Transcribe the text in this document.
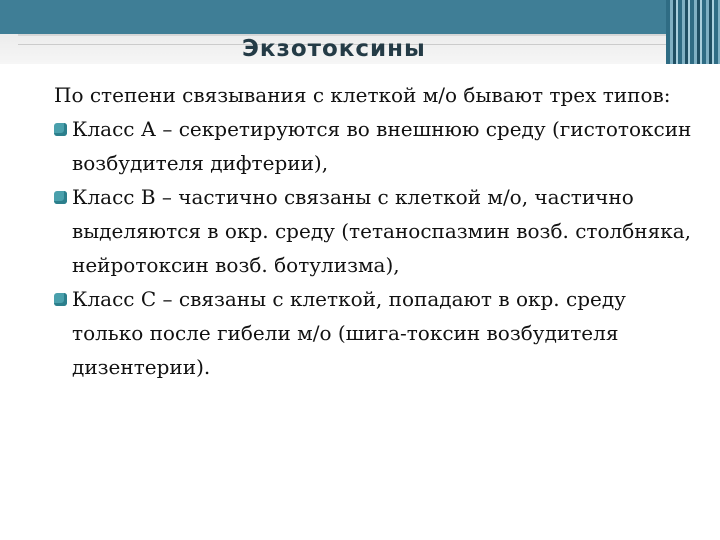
Экзотоксины
По степени связывания с клеткой м/о бывают трех типов:
Класс А – секретируются во внешнюю среду (гистотоксин возбудителя дифтерии),
Класс В – частично связаны с клеткой м/о, частично выделяются в окр. среду (тетаноспазмин возб. столбняка, нейротоксин возб. ботулизма),
Класс С – связаны с клеткой, попадают в окр. среду только после гибели м/о (шига-токсин возбудителя дизентерии).
